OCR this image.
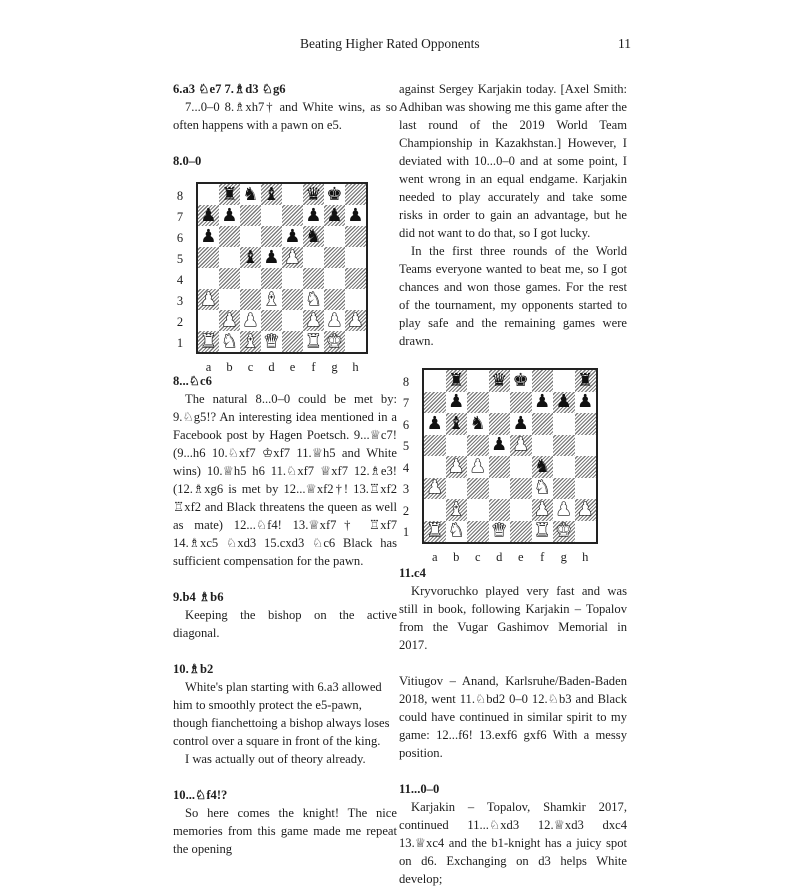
Beating Higher Rated Opponents	11

6.a3 ♘e7 7.♗d3 ♘g6

7...0–0 8.♗xh7† and White wins, as so often happens with a pawn on e5.

8.0–0

8
7
6
5
4
3
2
1
♜ ♞ ♝ ♛ ♚
♟ ♟	♟ ♟ ♟
♟	♟ ♞
♝ ♟ ♟
♟	♝ ♞
♟ ♟	♟ ♟ ♟
♜ ♞ ♝ ♛ ♜ ♚
a	b	c	d	e	f	g	h

8...♘c6

The natural 8...0–0 could be met by: 9.♘g5!? An interesting idea mentioned in a Facebook post by Hagen Poetsch. 9...♕c7! (9...h6 10.♘xf7 ♔xf7 11.♕h5 and White wins) 10.♕h5 h6 11.♘xf7 ♕xf7 12.♗e3! (12.♗xg6 is met by 12...♕xf2†! 13.♖xf2 ♖xf2 and Black threatens the queen as well as mate) 12...♘f4! 13.♕xf7† ♖xf7 14.♗xc5 ♘xd3 15.cxd3 ♘c6 Black has sufficient compensation for the pawn.

9.b4 ♗b6

Keeping the bishop on the active diagonal.

10.♗b2

White's plan starting with 6.a3 allowed him to smoothly protect the e5-pawn, though fianchettoing a bishop always loses control over a square in front of the king.

I was actually out of theory already.

10...♘f4!?

So here comes the knight! The nice memories from this game made me repeat the opening

against Sergey Karjakin today. [Axel Smith: Adhiban was showing me this game after the last round of the 2019 World Team Championship in Kazakhstan.] However, I deviated with 10...0–0 and at some point, I went wrong in an equal endgame. Karjakin needed to play accurately and take some risks in order to gain an advantage, but he did not want to do that, so I got lucky.

In the first three rounds of the World Teams everyone wanted to beat me, so I got chances and won those games. For the rest of the tournament, my opponents started to play safe and the remaining games were drawn.

8
7
6
5
4
3
2
1
♜ ♛ ♚	♜
♟	♟ ♟ ♟
♟ ♝ ♞ ♟
♟ ♟
♟ ♟	♞
♟	♞
♝	♟ ♟ ♟
♜ ♞ ♛ ♜ ♚
a	b	c	d	e	f	g	h

11.c4

Kryvoruchko played very fast and was still in book, following Karjakin – Topalov from the Vugar Gashimov Memorial in 2017.

Vitiugov – Anand, Karlsruhe/Baden-Baden 2018, went 11.♘bd2 0–0 12.♘b3 and Black could have continued in similar spirit to my game: 12...f6! 13.exf6 gxf6 With a messy position.

11...0–0

Karjakin – Topalov, Shamkir 2017, continued 11...♘xd3 12.♕xd3 dxc4 13.♕xc4 and the b1-knight has a juicy spot on d6. Exchanging on d3 helps White develop;
